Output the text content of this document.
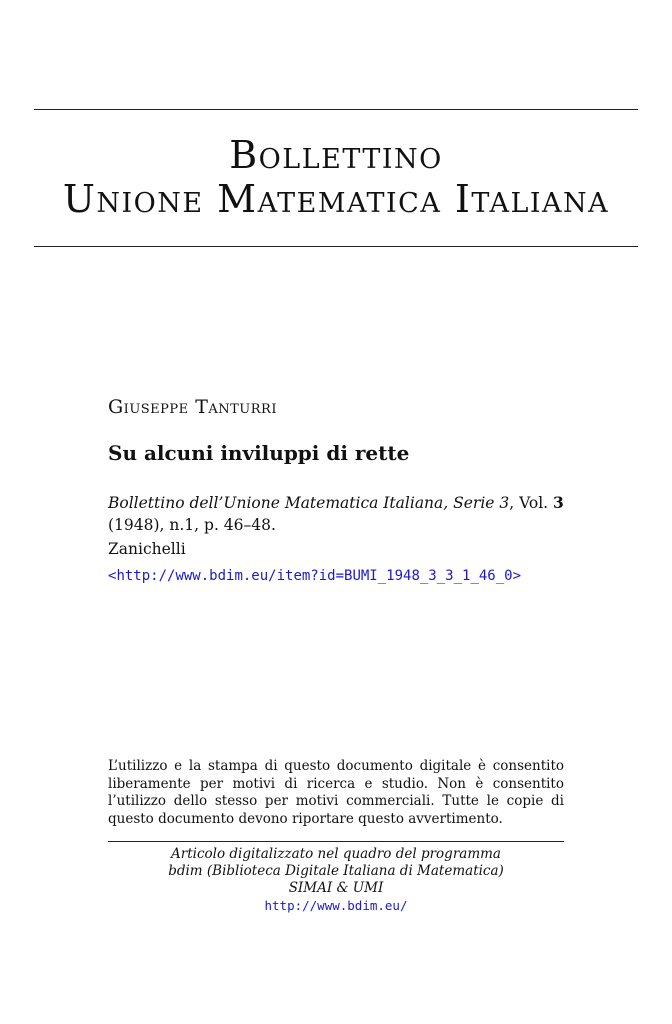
Bollettino
Unione Matematica Italiana
Giuseppe Tanturri
Su alcuni inviluppi di rette
Bollettino dell’Unione Matematica Italiana, Serie 3, Vol. 3
(1948), n.1, p. 46–48.
Zanichelli
<http://www.bdim.eu/item?id=BUMI_1948_3_3_1_46_0>
L’utilizzo e la stampa di questo documento digitale è consentito liberamente per motivi di ricerca e studio. Non è consentito l’utilizzo dello stesso per motivi commerciali. Tutte le copie di questo documento devono riportare questo avvertimento.
Articolo digitalizzato nel quadro del programma
bdim (Biblioteca Digitale Italiana di Matematica)
SIMAI & UMI
http://www.bdim.eu/
